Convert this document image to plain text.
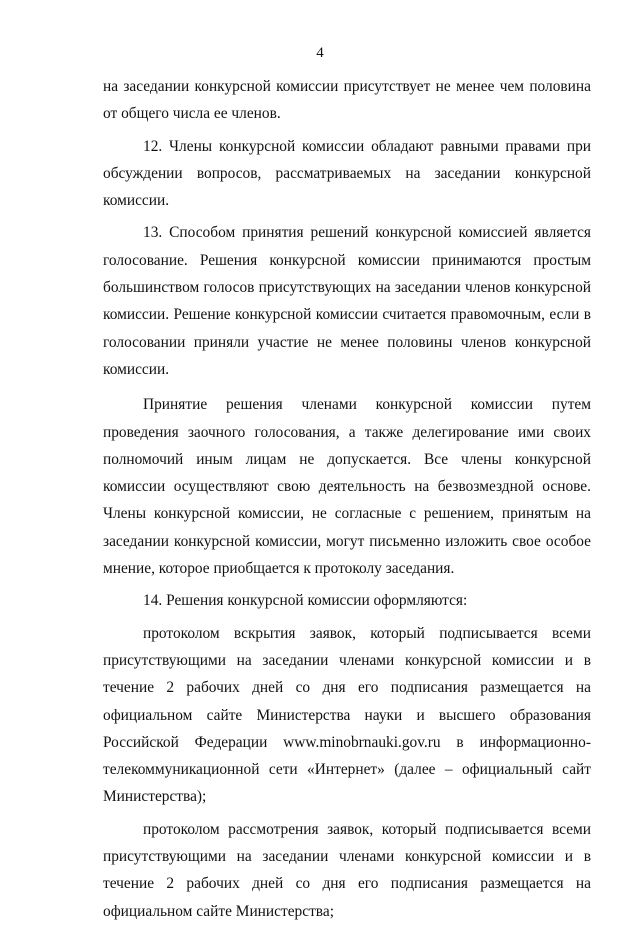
4

на заседании конкурсной комиссии присутствует не менее чем половина от общего числа ее членов.

12. Члены конкурсной комиссии обладают равными правами при обсуждении вопросов, рассматриваемых на заседании конкурсной комиссии.

13. Способом принятия решений конкурсной комиссией является голосование. Решения конкурсной комиссии принимаются простым большинством голосов присутствующих на заседании членов конкурсной комиссии. Решение конкурсной комиссии считается правомочным, если в голосовании приняли участие не менее половины членов конкурсной комиссии.

Принятие решения членами конкурсной комиссии путем проведения заочного голосования, а также делегирование ими своих полномочий иным лицам не допускается. Все члены конкурсной комиссии осуществляют свою деятельность на безвозмездной основе. Члены конкурсной комиссии, не согласные с решением, принятым на заседании конкурсной комиссии, могут письменно изложить свое особое мнение, которое приобщается к протоколу заседания.

14. Решения конкурсной комиссии оформляются:

протоколом вскрытия заявок, который подписывается всеми присутствующими на заседании членами конкурсной комиссии и в течение 2 рабочих дней со дня его подписания размещается на официальном сайте Министерства науки и высшего образования Российской Федерации www.minobrnauki.gov.ru в информационно-телекоммуникационной сети «Интернет» (далее – официальный сайт Министерства);

протоколом рассмотрения заявок, который подписывается всеми присутствующими на заседании членами конкурсной комиссии и в течение 2 рабочих дней со дня его подписания размещается на официальном сайте Министерства;
